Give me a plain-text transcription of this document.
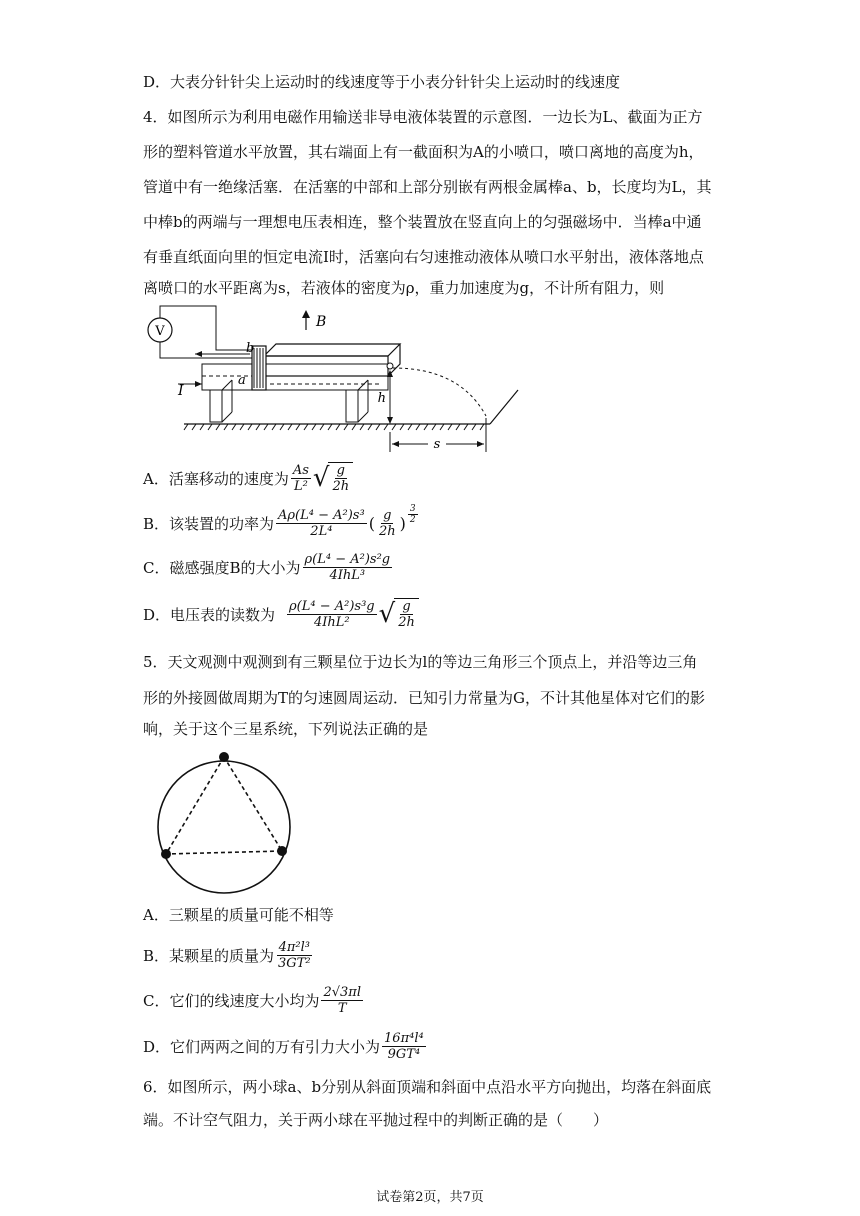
D．大表分针针尖上运动时的线速度等于小表分针针尖上运动时的线速度
4．如图所示为利用电磁作用输送非导电液体装置的示意图．一边长为L、截面为正方
形的塑料管道水平放置，其右端面上有一截面积为A的小喷口，喷口离地的高度为h，
管道中有一绝缘活塞．在活塞的中部和上部分别嵌有两根金属棒a、b，长度均为L，其
中棒b的两端与一理想电压表相连，整个装置放在竖直向上的匀强磁场中．当棒a中通
有垂直纸面向里的恒定电流I时，活塞向右匀速推动液体从喷口水平射出，液体落地点
离喷口的水平距离为s，若液体的密度为ρ，重力加速度为g，不计所有阻力，则
V
I
b
a
B
h
s
A．活塞移动的速度为 $\frac{As}{\text{L²}}$ √ $\frac{g}{2h}$
B．该装置的功率为 $\frac{\text{Aρ(L⁴ − A²)s³}}{\text{2L⁴}}$ ( $\frac{g}{2h}$ ) $\frac{3}{2}$
C．磁感强度B的大小为 $\frac{\text{ρ(L⁴ − A²)s²g}}{\text{4IhL³}}$
D．电压表的读数为 $\frac{\text{ρ(L⁴ − A²)s³g}}{\text{4IhL²}}$ √ $\frac{g}{2h}$
5．天文观测中观测到有三颗星位于边长为l的等边三角形三个顶点上，并沿等边三角
形的外接圆做周期为T的匀速圆周运动．已知引力常量为G，不计其他星体对它们的影
响，关于这个三星系统，下列说法正确的是
A．三颗星的质量可能不相等
B．某颗星的质量为 $\frac{\text{4π²l³}}{\text{3GT²}}$
C．它们的线速度大小均为 $\frac{2√3\pi l}{T}$
D．它们两两之间的万有引力大小为 $\frac{\text{16π⁴l⁴}}{\text{9GT⁴}}$
6．如图所示，两小球a、b分别从斜面顶端和斜面中点沿水平方向抛出，均落在斜面底
端。不计空气阻力，关于两小球在平抛过程中的判断正确的是（　　）
试卷第2页，共7页
